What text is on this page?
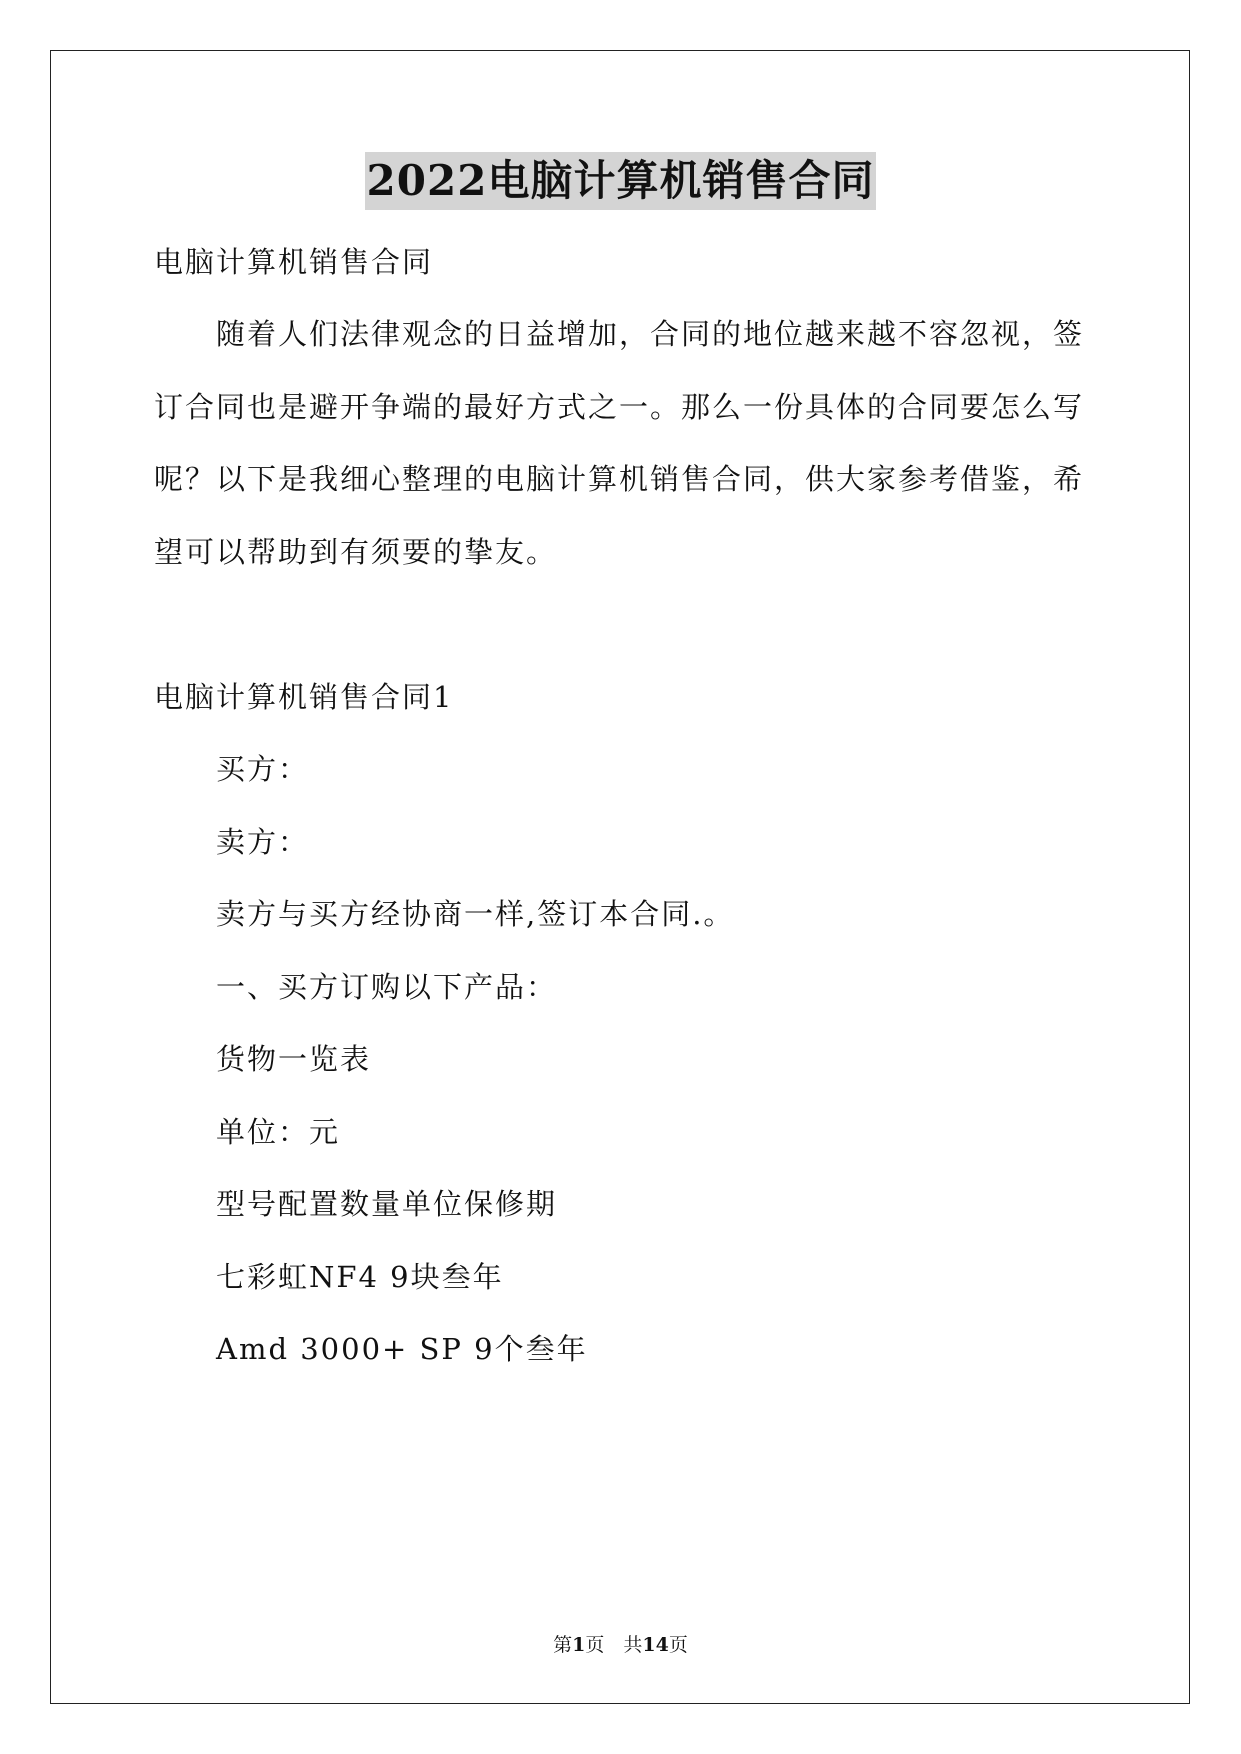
2022电脑计算机销售合同
电脑计算机销售合同
随着人们法律观念的日益增加，合同的地位越来越不容忽视，签
订合同也是避开争端的最好方式之一。那么一份具体的合同要怎么写
呢？以下是我细心整理的电脑计算机销售合同，供大家参考借鉴，希
望可以帮助到有须要的挚友。
电脑计算机销售合同1
买方：
卖方：
卖方与买方经协商一样,签订本合同.。
一、买方订购以下产品：
货物一览表
单位：元
型号配置数量单位保修期
七彩虹NF4 9块叁年
Amd 3000+ SP 9个叁年
第1页　共14页
